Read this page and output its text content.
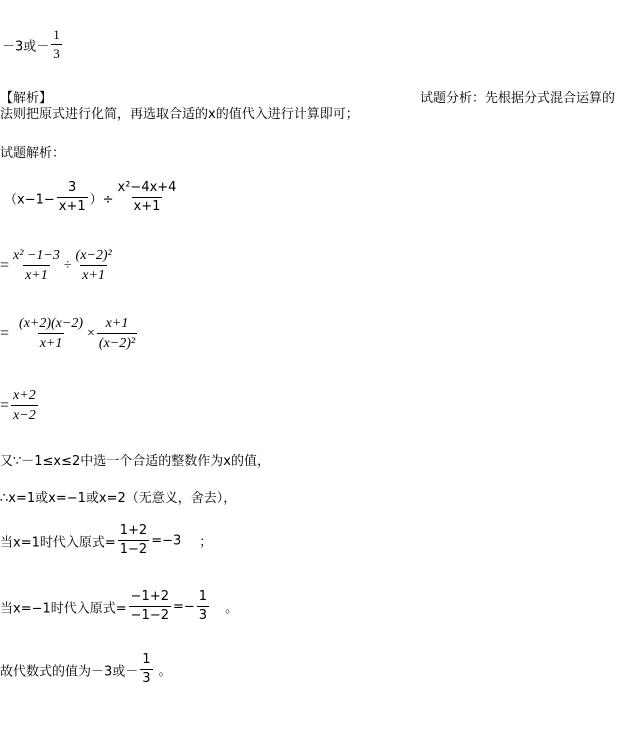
－3或－ $\frac{1}{3}$
【解析】	试题分析：先根据分式混合运算的
法则把原式进行化简，再选取合适的x的值代入进行计算即可；
试题解析：
（$x-1- \frac{3}{x+1}$ ）÷ $\frac{\text{x²−4x+4}}{x+1}$
= $\frac{\text{x² −1−3}}{x+1} \div \frac{\text{(x−2)²}}{x+1}$
= $\frac{(x+2)(x-2)}{x+1} \times \frac{x+1}{\text{(x−2)²}}$
= $\frac{x+2}{x-2}$
又∵－1≤x≤2中选一个合适的整数作为x的值，
∴x=1或x=−1或x=2（无意义，舍去），
当x=1时代入原式= $\frac{1+2}{1-2} =-3$ ；
当x=−1时代入原式= $\frac{-1+2}{-1-2} =- \frac{1}{3}$ 。
故代数式的值为－3或－ $\frac{1}{3}$ 。
